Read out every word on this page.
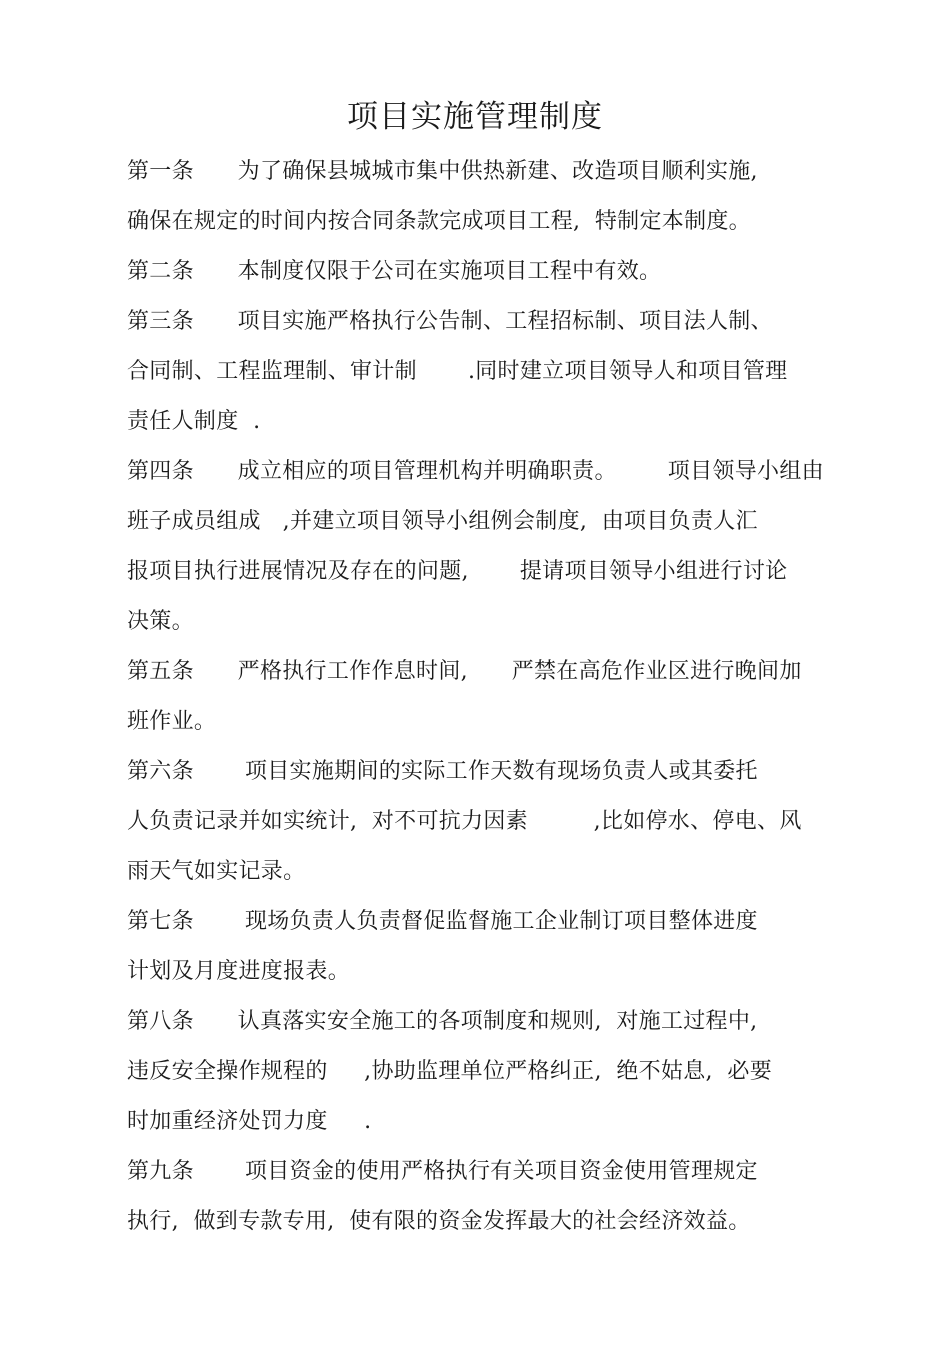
项目实施管理制度
第一条      为了确保县城城市集中供热新建、改造项目顺利实施,
确保在规定的时间内按合同条款完成项目工程,  特制定本制度。
第二条      本制度仅限于公司在实施项目工程中有效。
第三条      项目实施严格执行公告制、工程招标制、项目法人制、
合同制、工程监理制、审计制       .同时建立项目领导人和项目管理
责任人制度  .
第四条      成立相应的项目管理机构并明确职责。       项目领导小组由
班子成员组成   ,并建立项目领导小组例会制度,  由项目负责人汇
报项目执行进展情况及存在的问题,       提请项目领导小组进行讨论
决策。
第五条      严格执行工作作息时间,      严禁在高危作业区进行晚间加
班作业。
第六条       项目实施期间的实际工作天数有现场负责人或其委托
人负责记录并如实统计,  对不可抗力因素         ,比如停水、停电、风
雨天气如实记录。
第七条       现场负责人负责督促监督施工企业制订项目整体进度
计划及月度进度报表。
第八条      认真落实安全施工的各项制度和规则,  对施工过程中,
违反安全操作规程的     ,协助监理单位严格纠正,  绝不姑息,  必要
时加重经济处罚力度     .
第九条       项目资金的使用严格执行有关项目资金使用管理规定
执行,  做到专款专用,  使有限的资金发挥最大的社会经济效益。
